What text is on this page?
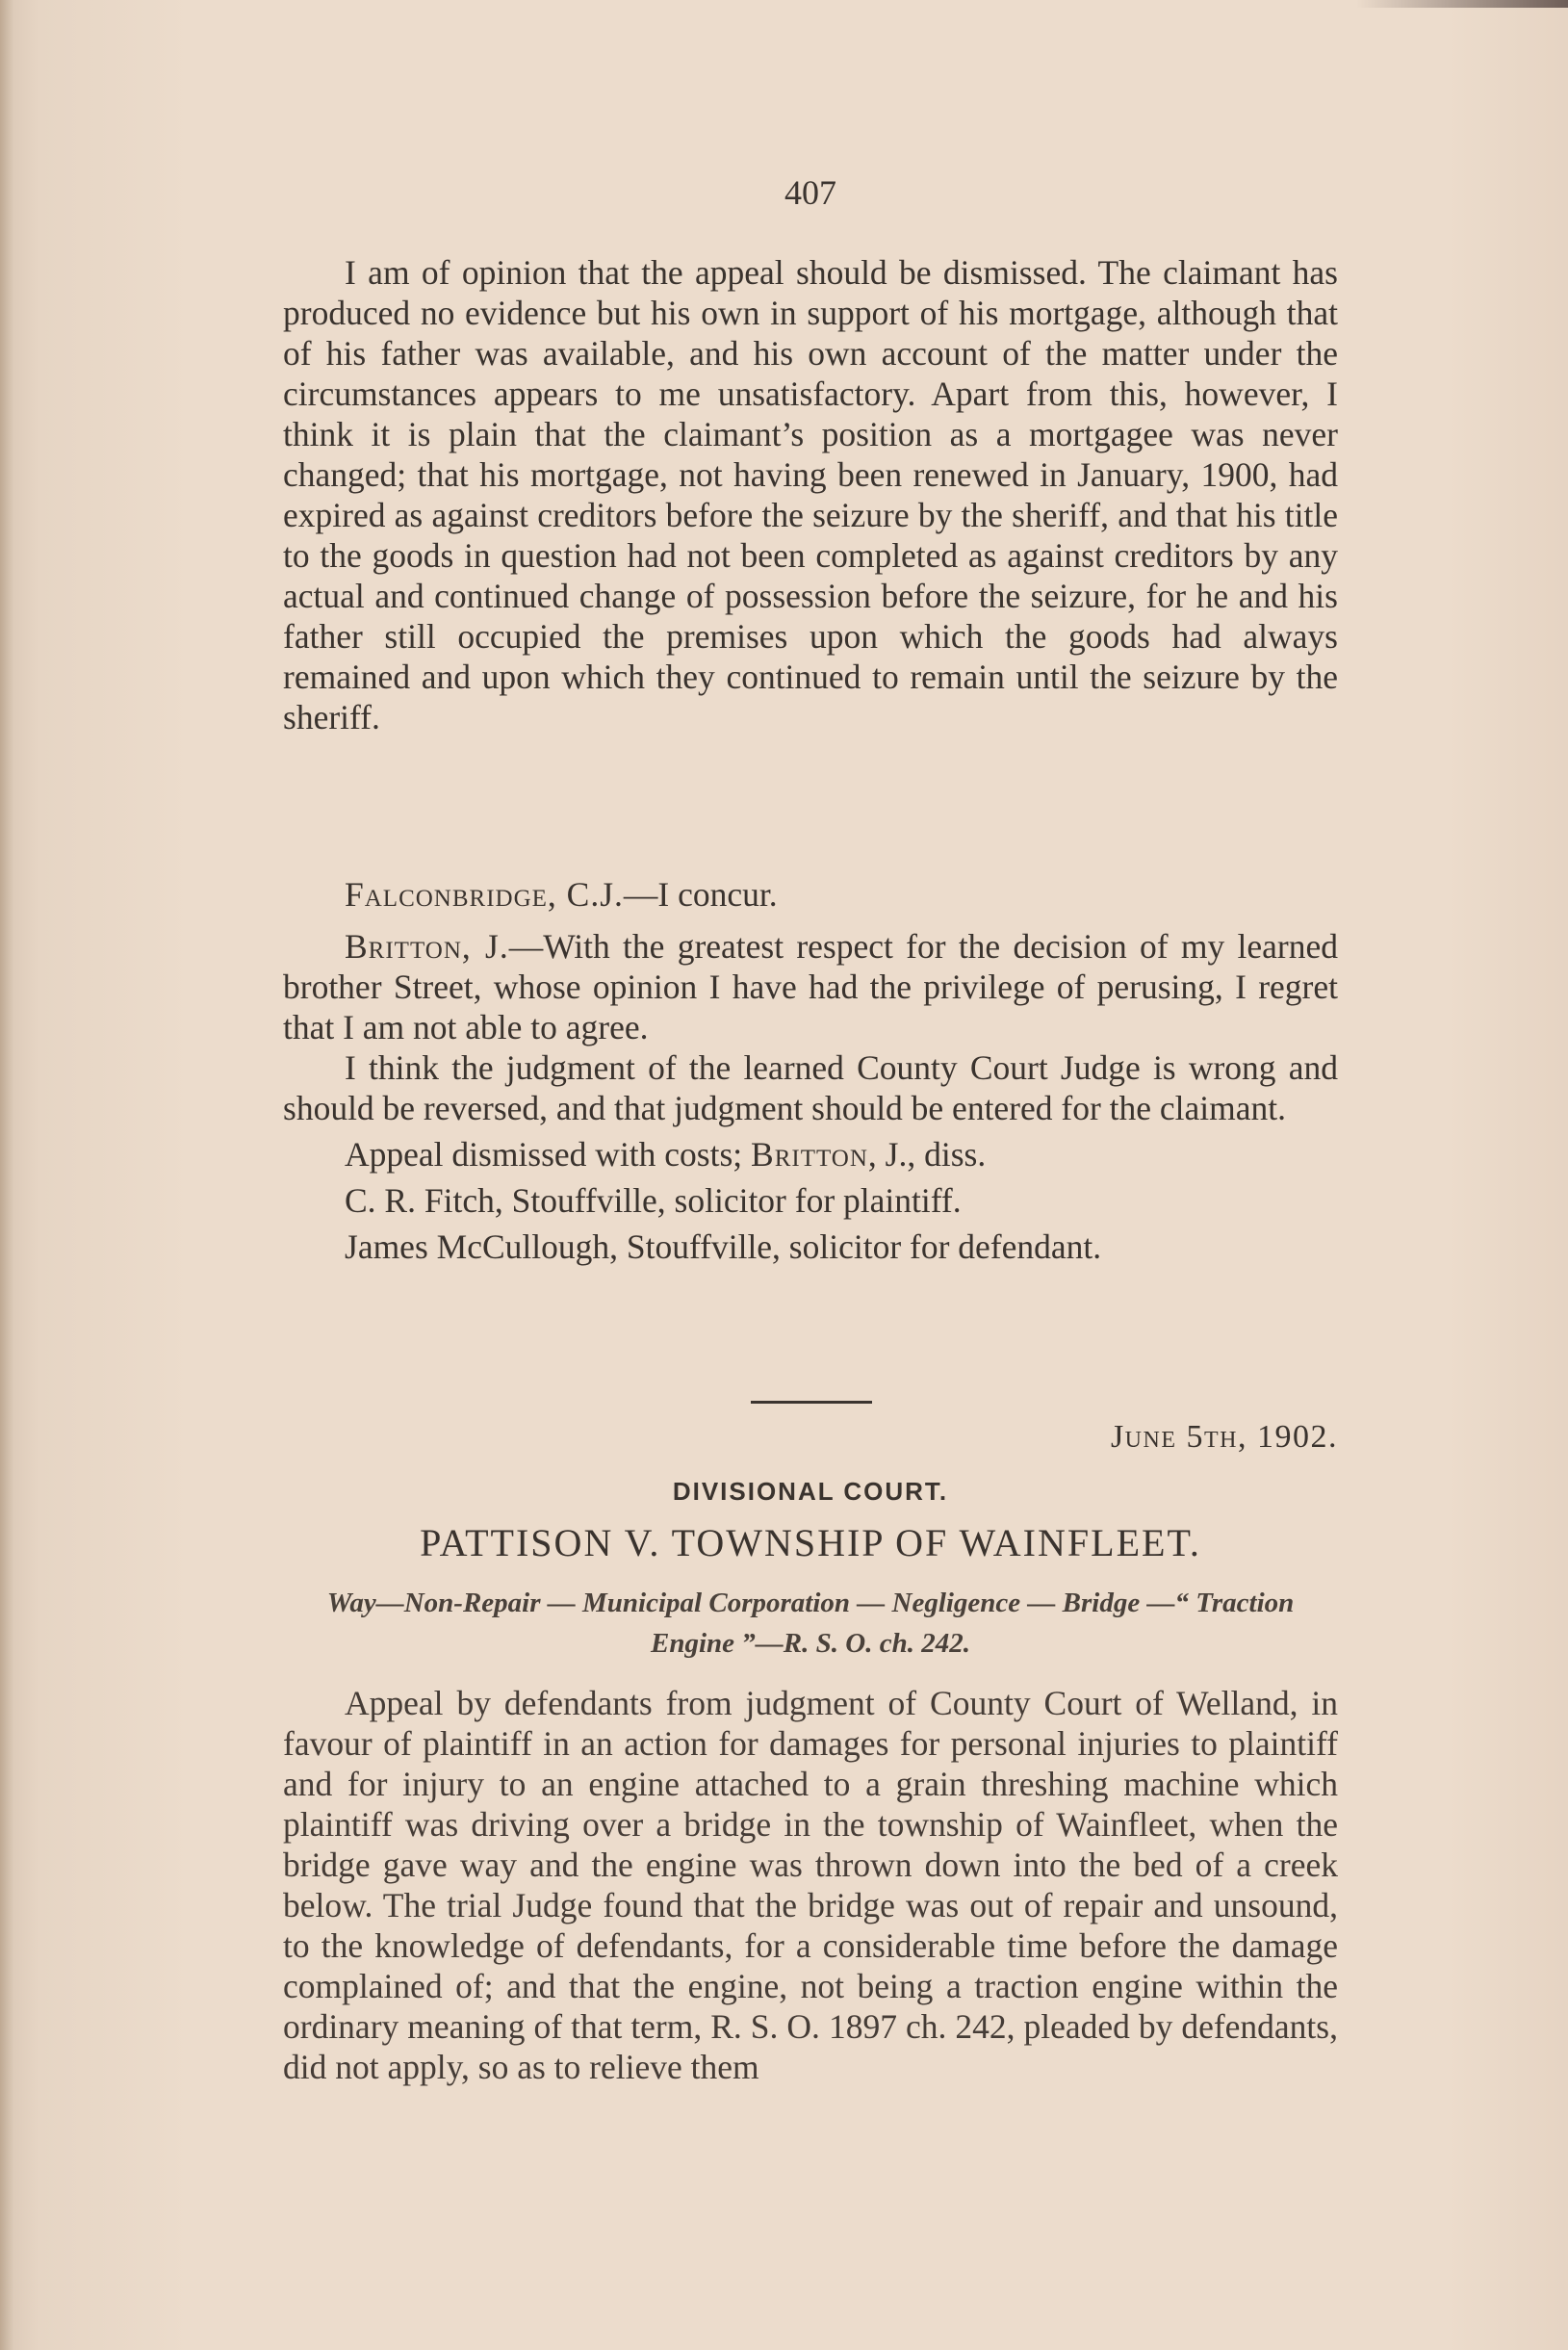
407

I am of opinion that the appeal should be dismissed. The claimant has produced no evidence but his own in support of his mortgage, although that of his father was available, and his own account of the matter under the circumstances appears to me unsatisfactory. Apart from this, however, I think it is plain that the claimant’s position as a mortgagee was never changed; that his mortgage, not having been renewed in January, 1900, had expired as against creditors before the seizure by the sheriff, and that his title to the goods in question had not been completed as against creditors by any actual and continued change of possession before the seizure, for he and his father still occupied the premises upon which the goods had always remained and upon which they continued to remain until the seizure by the sheriff.

Falconbridge, C.J.—I concur.

Britton, J.—With the greatest respect for the decision of my learned brother Street, whose opinion I have had the privilege of perusing, I regret that I am not able to agree.

I think the judgment of the learned County Court Judge is wrong and should be reversed, and that judgment should be entered for the claimant.

Appeal dismissed with costs; Britton, J., diss.

C. R. Fitch, Stouffville, solicitor for plaintiff.

James McCullough, Stouffville, solicitor for defendant.

June 5th, 1902.
DIVISIONAL COURT.
PATTISON V. TOWNSHIP OF WAINFLEET.
Way—Non-Repair — Municipal Corporation — Negligence — Bridge —“ Traction Engine ”—R. S. O. ch. 242.

Appeal by defendants from judgment of County Court of Welland, in favour of plaintiff in an action for damages for personal injuries to plaintiff and for injury to an engine attached to a grain threshing machine which plaintiff was driving over a bridge in the township of Wainfleet, when the bridge gave way and the engine was thrown down into the bed of a creek below. The trial Judge found that the bridge was out of repair and unsound, to the knowledge of defendants, for a considerable time before the damage complained of; and that the engine, not being a traction engine within the ordinary meaning of that term, R. S. O. 1897 ch. 242, pleaded by defendants, did not apply, so as to relieve them
